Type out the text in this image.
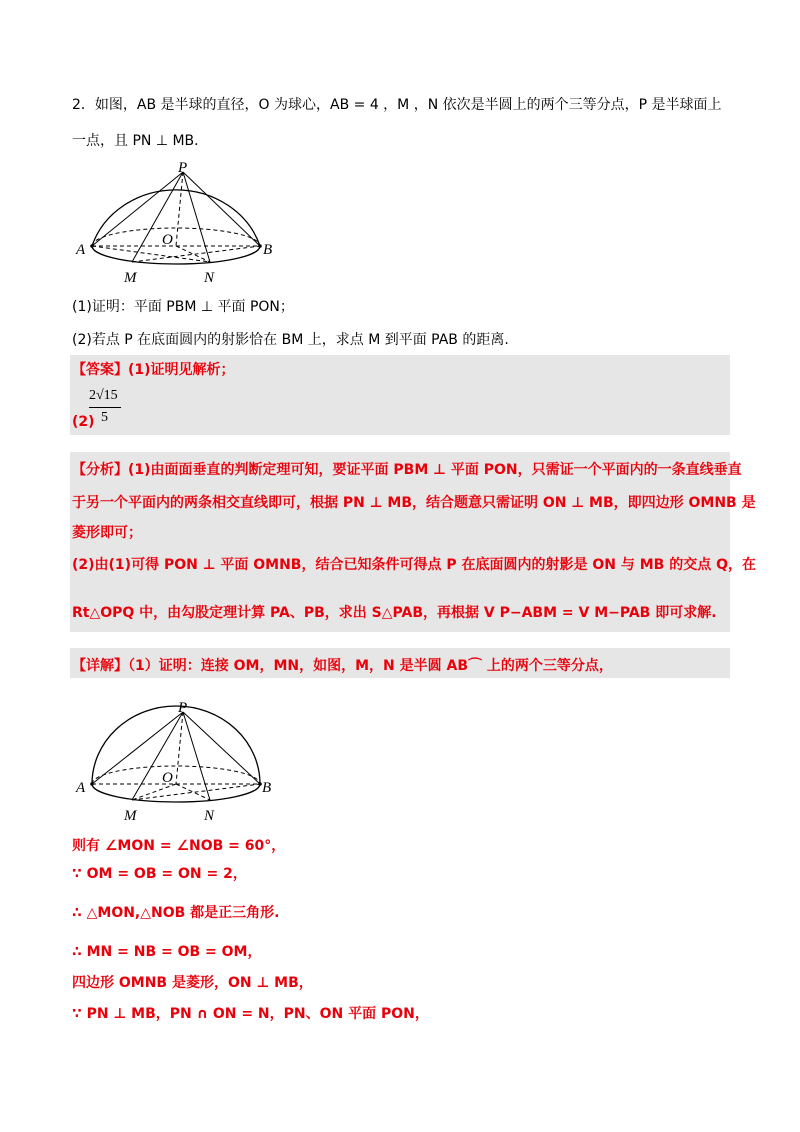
2．如图，AB 是半球的直径，O 为球心，AB = 4 ，M ，N 依次是半圆上的两个三等分点，P 是半球面上
一点，且 PN ⊥ MB．
P
O
A	B
M	N
(1)证明：平面 PBM ⊥ 平面 PON；
(2)若点 P 在底面圆内的射影恰在 BM 上，求点 M 到平面 PAB 的距离.
【答案】(1)证明见解析；
(2)
2√15
5
【分析】(1)由面面垂直的判断定理可知，要证平面 PBM ⊥ 平面 PON，只需证一个平面内的一条直线垂直
于另一个平面内的两条相交直线即可，根据 PN ⊥ MB，结合题意只需证明 ON ⊥ MB，即四边形 OMNB 是
菱形即可；
(2)由(1)可得 PON ⊥ 平面 OMNB，结合已知条件可得点 P 在底面圆内的射影是 ON 与 MB 的交点 Q，在
Rt△OPQ 中，由勾股定理计算 PA、PB，求出 S△PAB，再根据 V P−ABM = V M−PAB 即可求解.
【详解】（1）证明：连接 OM，MN，如图，M，N 是半圆 AB⌒ 上的两个三等分点，
P
O
A	B
M	N
则有 ∠MON = ∠NOB = 60°，
∵ OM = OB = ON = 2，
∴ △MON,△NOB 都是正三角形.
∴ MN = NB = OB = OM，
四边形 OMNB 是菱形，ON ⊥ MB，
∵ PN ⊥ MB，PN ∩ ON = N，PN、ON 平面 PON，
